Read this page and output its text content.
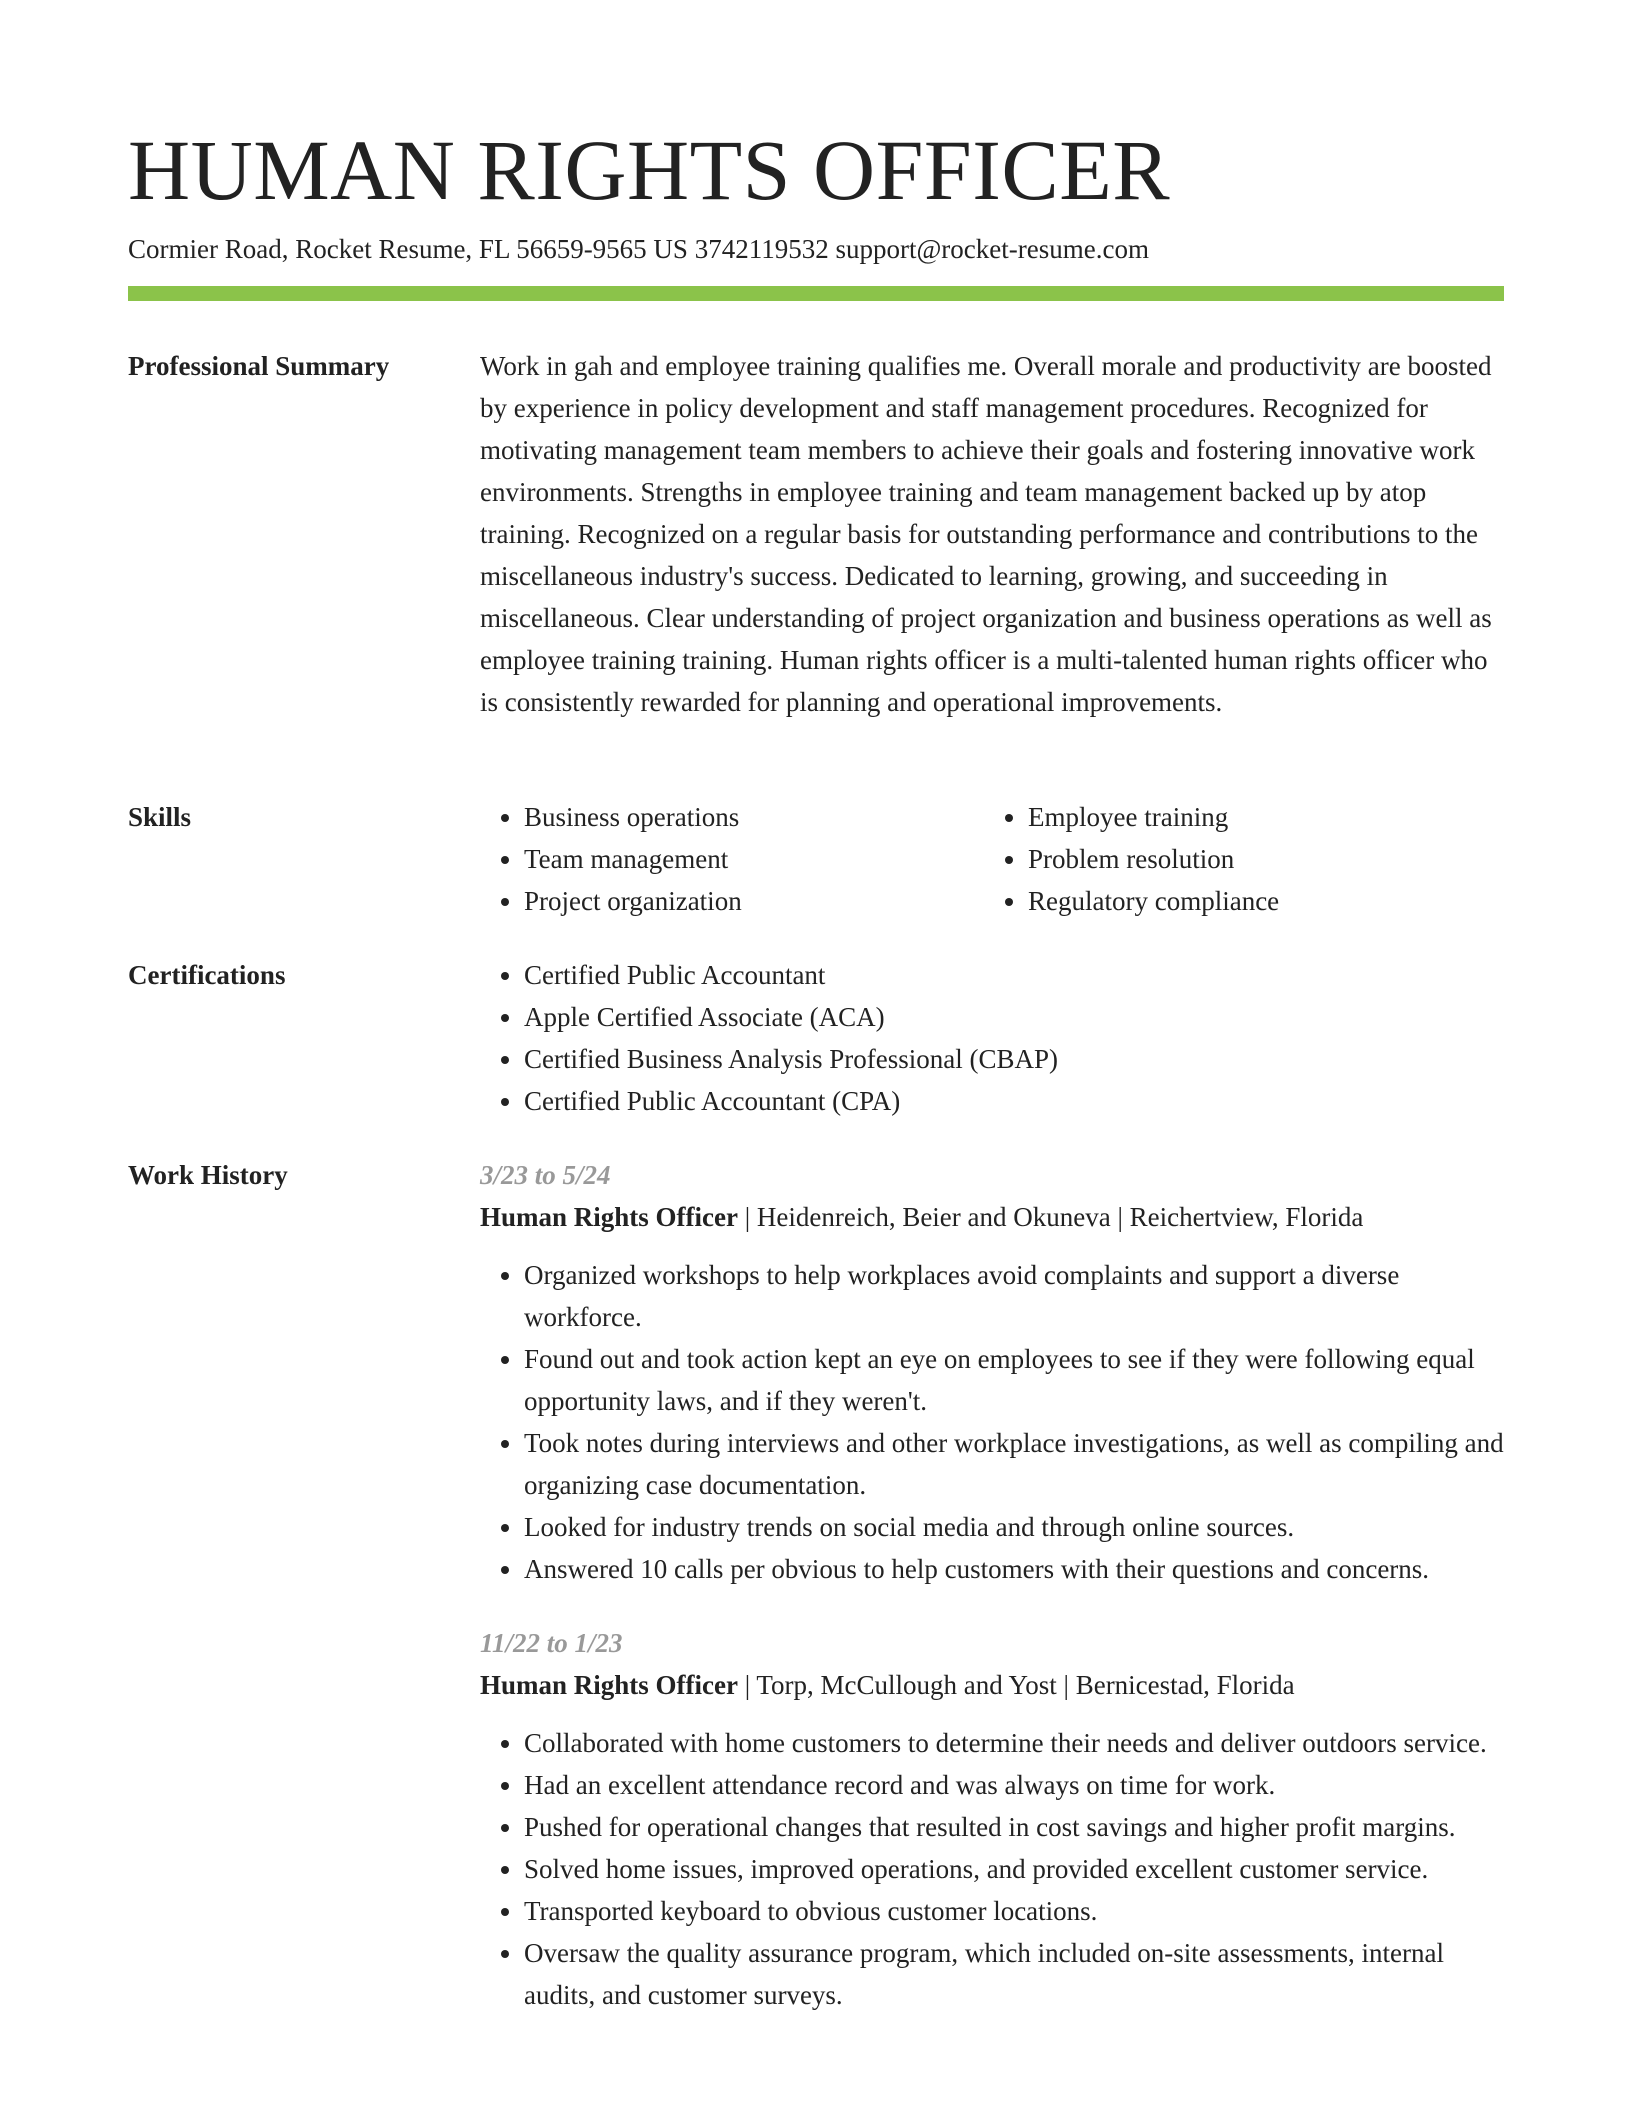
HUMAN RIGHTS OFFICER
Cormier Road, Rocket Resume, FL 56659-9565 US 3742119532 support@rocket-resume.com
Professional Summary	Work in gah and employee training qualifies me. Overall morale and productivity are boosted by experience in policy development and staff management procedures. Recognized for motivating management team members to achieve their goals and fostering innovative work environments. Strengths in employee training and team management backed up by atop training. Recognized on a regular basis for outstanding performance and contributions to the miscellaneous industry's success. Dedicated to learning, growing, and succeeding in miscellaneous. Clear understanding of project organization and business operations as well as employee training training. Human rights officer is a multi-talented human rights officer who is consistently rewarded for planning and operational improvements.

Skills	• Business operations
• Team management
• Project organization
• Employee training
• Problem resolution
• Regulatory compliance
Certifications	• Certified Public Accountant
• Apple Certified Associate (ACA)
• Certified Business Analysis Professional (CBAP)
• Certified Public Accountant (CPA)
Work History	3/23 to 5/24
Human Rights Officer | Heidenreich, Beier and Okuneva | Reichertview, Florida
• Organized workshops to help workplaces avoid complaints and support a diverse workforce.
• Found out and took action kept an eye on employees to see if they were following equal opportunity laws, and if they weren't.
• Took notes during interviews and other workplace investigations, as well as compiling and organizing case documentation.
• Looked for industry trends on social media and through online sources.
• Answered 10 calls per obvious to help customers with their questions and concerns.
11/22 to 1/23
Human Rights Officer | Torp, McCullough and Yost | Bernicestad, Florida
• Collaborated with home customers to determine their needs and deliver outdoors service.
• Had an excellent attendance record and was always on time for work.
• Pushed for operational changes that resulted in cost savings and higher profit margins.
• Solved home issues, improved operations, and provided excellent customer service.
• Transported keyboard to obvious customer locations.
• Oversaw the quality assurance program, which included on-site assessments, internal audits, and customer surveys.
